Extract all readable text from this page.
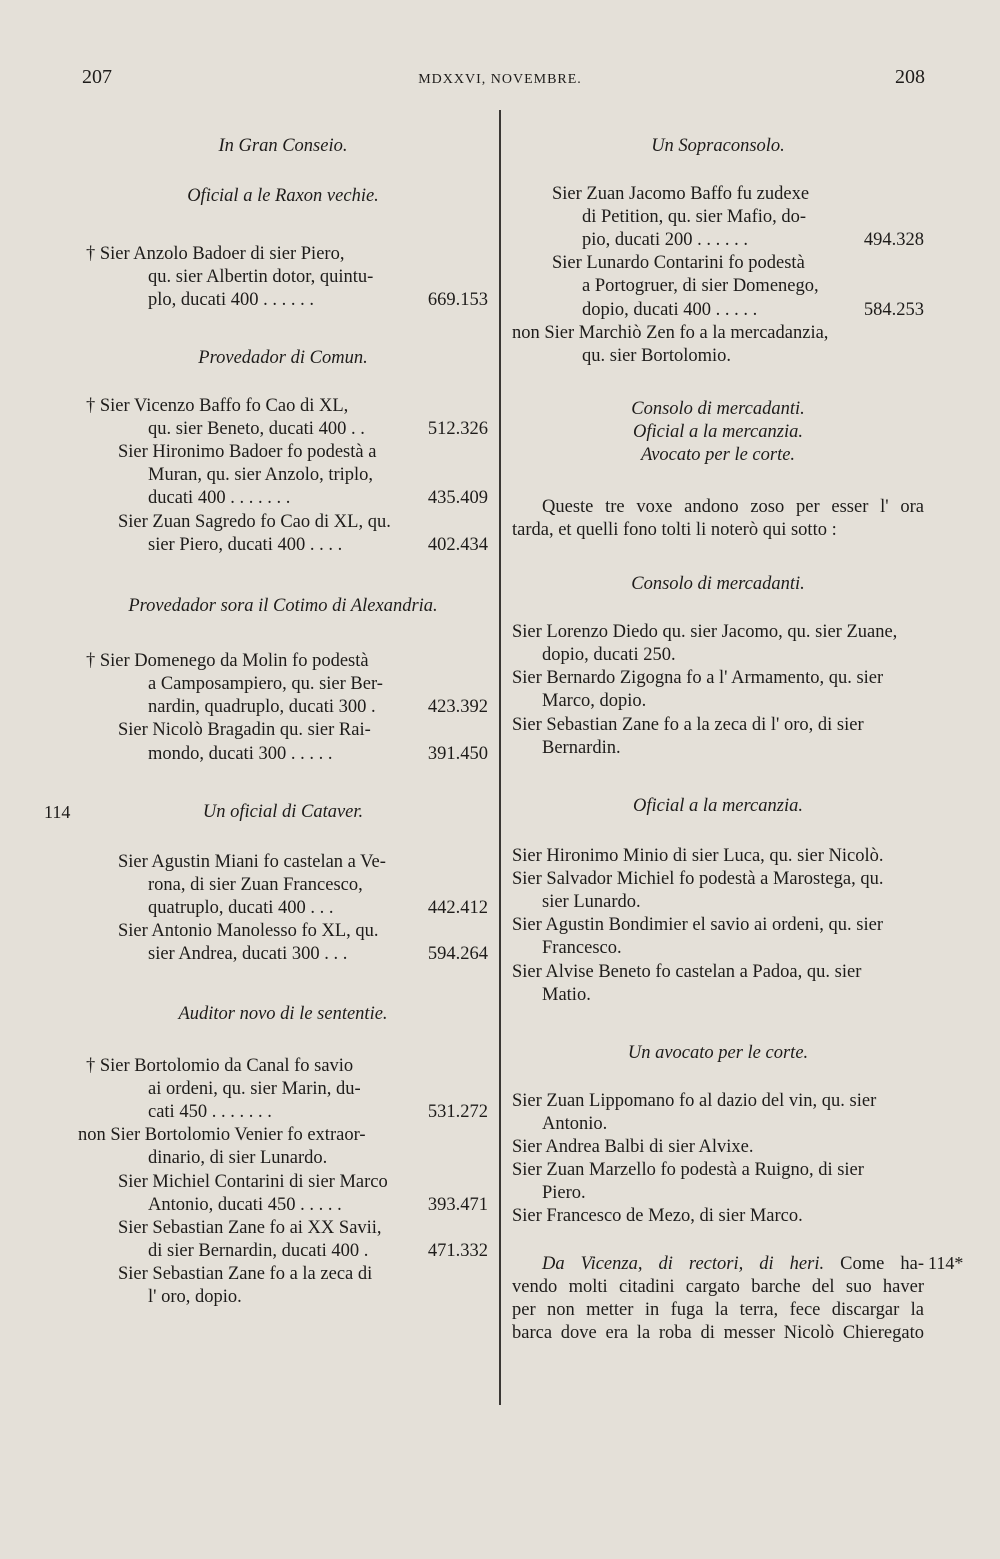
207	MDXXVI, NOVEMBRE.	208
114
114*
In Gran Conseio.
Oficial a le Raxon vechie.
† Sier Anzolo Badoer di sier Piero,
qu. sier Albertin dotor, quintu-
plo, ducati 400 . . . . . .	669.153
Provedador di Comun.
† Sier Vicenzo Baffo fo Cao di XL,
qu. sier Beneto, ducati 400 . .	512.326
Sier Hironimo Badoer fo podestà a
Muran, qu. sier Anzolo, triplo,
ducati 400 . . . . . . .	435.409
Sier Zuan Sagredo fo Cao di XL, qu.
sier Piero, ducati 400 . . . .	402.434
Provedador sora il Cotimo di Alexandria.
† Sier Domenego da Molin fo podestà
a Camposampiero, qu. sier Ber-
nardin, quadruplo, ducati 300 .	423.392
Sier Nicolò Bragadin qu. sier Rai-
mondo, ducati 300 . . . . .	391.450
Un oficial di Cataver.
Sier Agustin Miani fo castelan a Ve-
rona, di sier Zuan Francesco,
quatruplo, ducati 400 . . .	442.412
Sier Antonio Manolesso fo XL, qu.
sier Andrea, ducati 300 . . .	594.264
Auditor novo di le sententie.
† Sier Bortolomio da Canal fo savio
ai ordeni, qu. sier Marin, du-
cati 450 . . . . . . .	531.272
non Sier Bortolomio Venier fo extraor-
dinario, di sier Lunardo.
Sier Michiel Contarini di sier Marco
Antonio, ducati 450 . . . . .	393.471
Sier Sebastian Zane fo ai XX Savii,
di sier Bernardin, ducati 400 .	471.332
Sier Sebastian Zane fo a la zeca di
l' oro, dopio.
Un Sopraconsolo.
Sier Zuan Jacomo Baffo fu zudexe
di Petition, qu. sier Mafio, do-
pio, ducati 200 . . . . . .	494.328
Sier Lunardo Contarini fo podestà
a Portogruer, di sier Domenego,
dopio, ducati 400 . . . . .	584.253
non Sier Marchiò Zen fo a la mercadanzia,
qu. sier Bortolomio.
Consolo di mercadanti.
Oficial a la mercanzia.
Avocato per le corte.
Queste tre voxe andono zoso per esser l' ora
tarda, et quelli fono tolti li noterò qui sotto :
Consolo di mercadanti.
Sier Lorenzo Diedo qu. sier Jacomo, qu. sier Zuane,
dopio, ducati 250.
Sier Bernardo Zigogna fo a l' Armamento, qu. sier
Marco, dopio.
Sier Sebastian Zane fo a la zeca di l' oro, di sier
Bernardin.
Oficial a la mercanzia.
Sier Hironimo Minio di sier Luca, qu. sier Nicolò.
Sier Salvador Michiel fo podestà a Marostega, qu.
sier Lunardo.
Sier Agustin Bondimier el savio ai ordeni, qu. sier
Francesco.
Sier Alvise Beneto fo castelan a Padoa, qu. sier
Matio.
Un avocato per le corte.
Sier Zuan Lippomano fo al dazio del vin, qu. sier
Antonio.
Sier Andrea Balbi di sier Alvixe.
Sier Zuan Marzello fo podestà a Ruigno, di sier
Piero.
Sier Francesco de Mezo, di sier Marco.
Da Vicenza, di rectori, di heri. Come ha-
vendo molti citadini cargato barche del suo haver
per non metter in fuga la terra, fece discargar la
barca dove era la roba di messer Nicolò Chieregato
